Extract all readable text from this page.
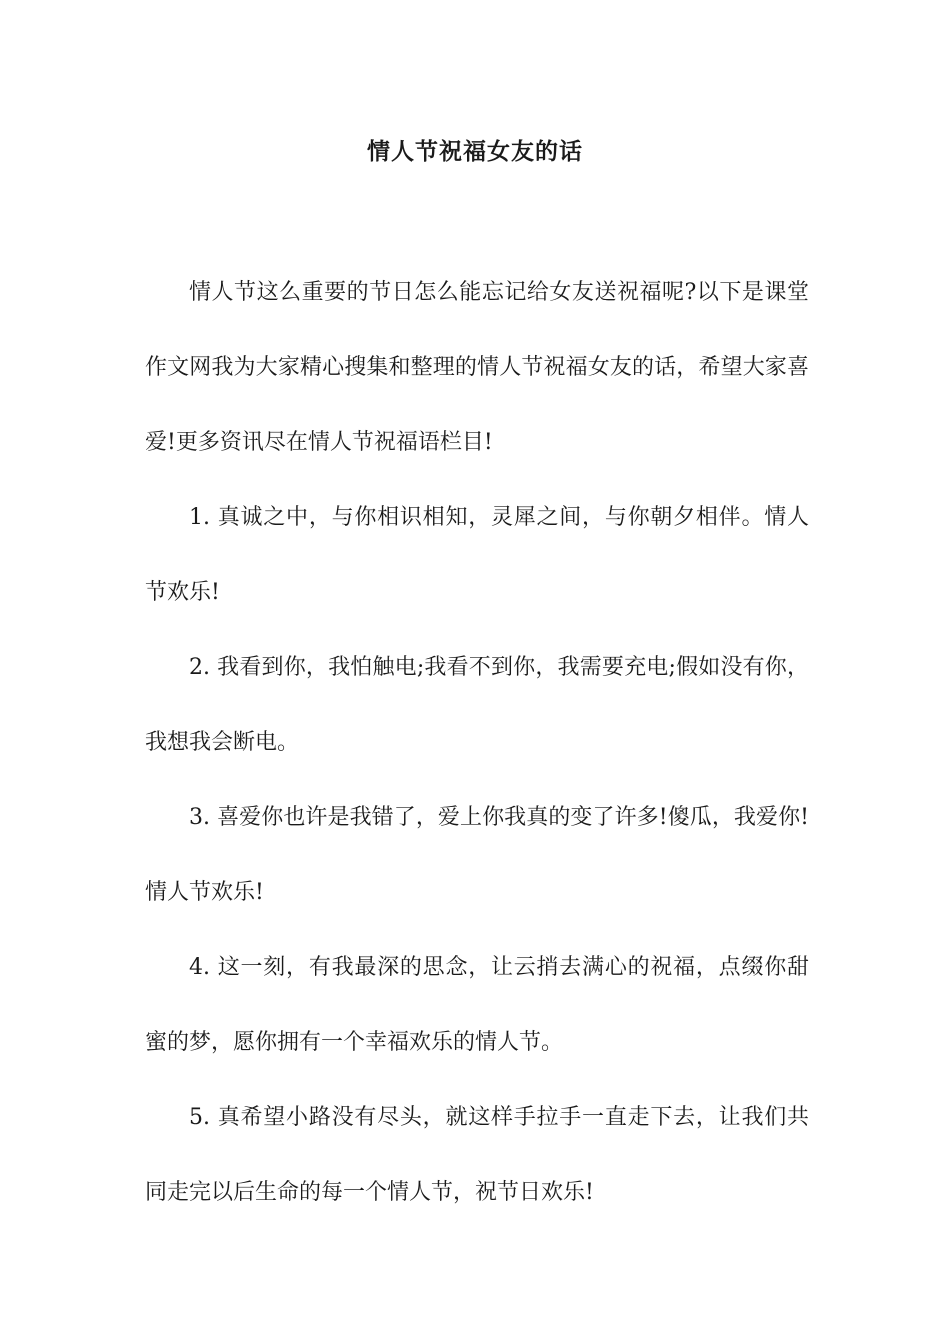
情人节祝福女友的话

情人节这么重要的节日怎么能忘记给女友送祝福呢?以下是课堂作文网我为大家精心搜集和整理的情人节祝福女友的话，希望大家喜爱!更多资讯尽在情人节祝福语栏目!

1. 真诚之中，与你相识相知，灵犀之间，与你朝夕相伴。情人节欢乐!

2. 我看到你，我怕触电;我看不到你，我需要充电;假如没有你，我想我会断电。

3. 喜爱你也许是我错了，爱上你我真的变了许多!傻瓜，我爱你!情人节欢乐!

4. 这一刻，有我最深的思念，让云捎去满心的祝福，点缀你甜蜜的梦，愿你拥有一个幸福欢乐的情人节。

5. 真希望小路没有尽头，就这样手拉手一直走下去，让我们共同走完以后生命的每一个情人节，祝节日欢乐!
